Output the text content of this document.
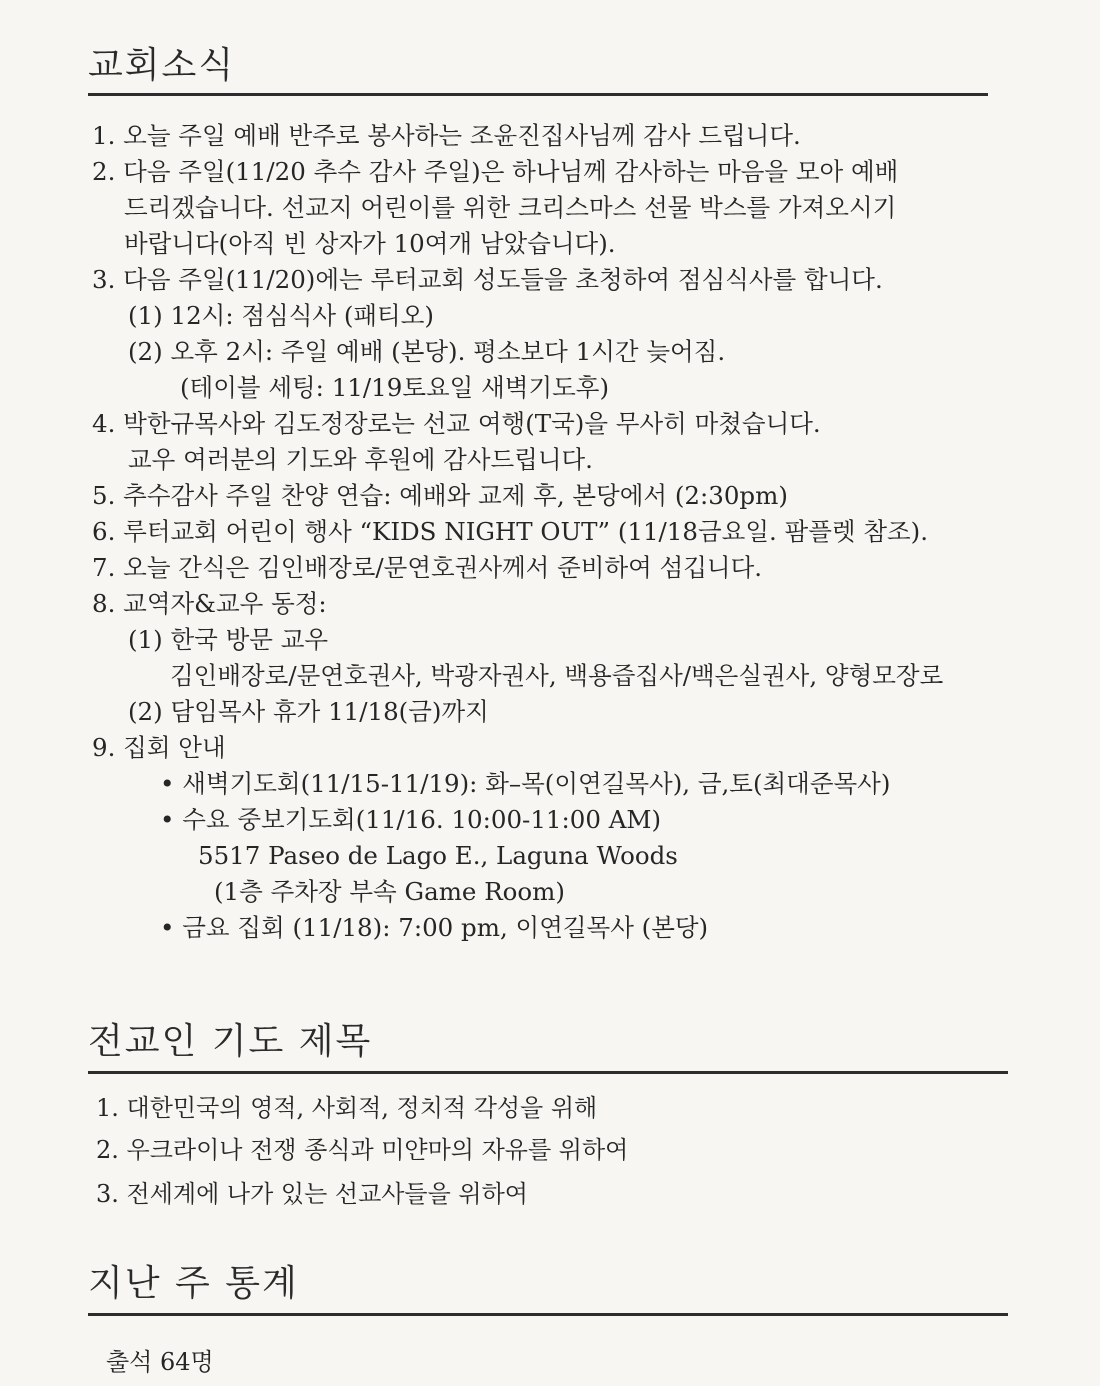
교회소식
1. 오늘 주일 예배 반주로 봉사하는 조윤진집사님께 감사 드립니다.
2. 다음 주일(11/20 추수 감사 주일)은 하나님께 감사하는 마음을 모아 예배
드리겠습니다. 선교지 어린이를 위한 크리스마스 선물 박스를 가져오시기
바랍니다(아직 빈 상자가 10여개 남았습니다).
3. 다음 주일(11/20)에는 루터교회 성도들을 초청하여 점심식사를 합니다.
(1) 12시: 점심식사 (패티오)
(2) 오후 2시: 주일 예배 (본당). 평소보다 1시간 늦어짐.
(테이블 세팅: 11/19토요일 새벽기도후)
4. 박한규목사와 김도정장로는 선교 여행(T국)을 무사히 마쳤습니다.
교우 여러분의 기도와 후원에 감사드립니다.
5. 추수감사 주일 찬양 연습: 예배와 교제 후, 본당에서 (2:30pm)
6. 루터교회 어린이 행사 “KIDS NIGHT OUT” (11/18금요일. 팜플렛 참조).
7. 오늘 간식은 김인배장로/문연호권사께서 준비하여 섬깁니다.
8. 교역자&교우 동정:
(1) 한국 방문 교우
김인배장로/문연호권사, 박광자권사, 백용즙집사/백은실권사, 양형모장로
(2) 담임목사 휴가 11/18(금)까지
9. 집회 안내
• 새벽기도회(11/15-11/19): 화–목(이연길목사), 금,토(최대준목사)
• 수요 중보기도회(11/16. 10:00-11:00 AM)
5517 Paseo de Lago E., Laguna Woods
(1층 주차장 부속 Game Room)
• 금요 집회 (11/18): 7:00 pm, 이연길목사 (본당)
전교인 기도 제목
1. 대한민국의 영적, 사회적, 정치적 각성을 위해
2. 우크라이나 전쟁 종식과 미얀마의 자유를 위하여
3. 전세계에 나가 있는 선교사들을 위하여
지난 주 통계
출석 64명
